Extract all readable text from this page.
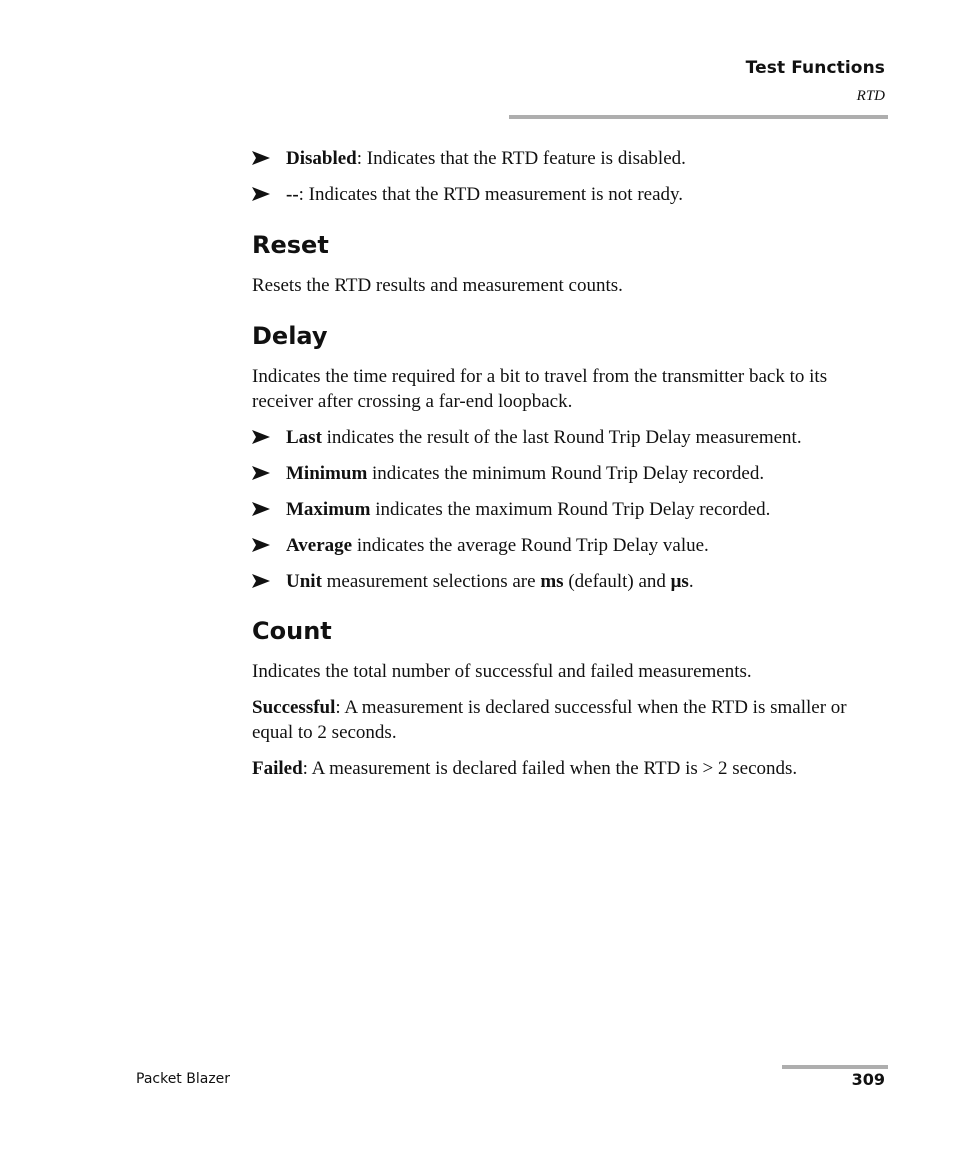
Test Functions
RTD
Disabled: Indicates that the RTD feature is disabled.
--: Indicates that the RTD measurement is not ready.
Reset
Resets the RTD results and measurement counts.
Delay
Indicates the time required for a bit to travel from the transmitter back to its receiver after crossing a far-end loopback.
Last indicates the result of the last Round Trip Delay measurement.
Minimum indicates the minimum Round Trip Delay recorded.
Maximum indicates the maximum Round Trip Delay recorded.
Average indicates the average Round Trip Delay value.
Unit measurement selections are ms (default) and μs.
Count
Indicates the total number of successful and failed measurements.
Successful: A measurement is declared successful when the RTD is smaller or equal to 2 seconds.
Failed: A measurement is declared failed when the RTD is > 2 seconds.
Packet Blazer	309
